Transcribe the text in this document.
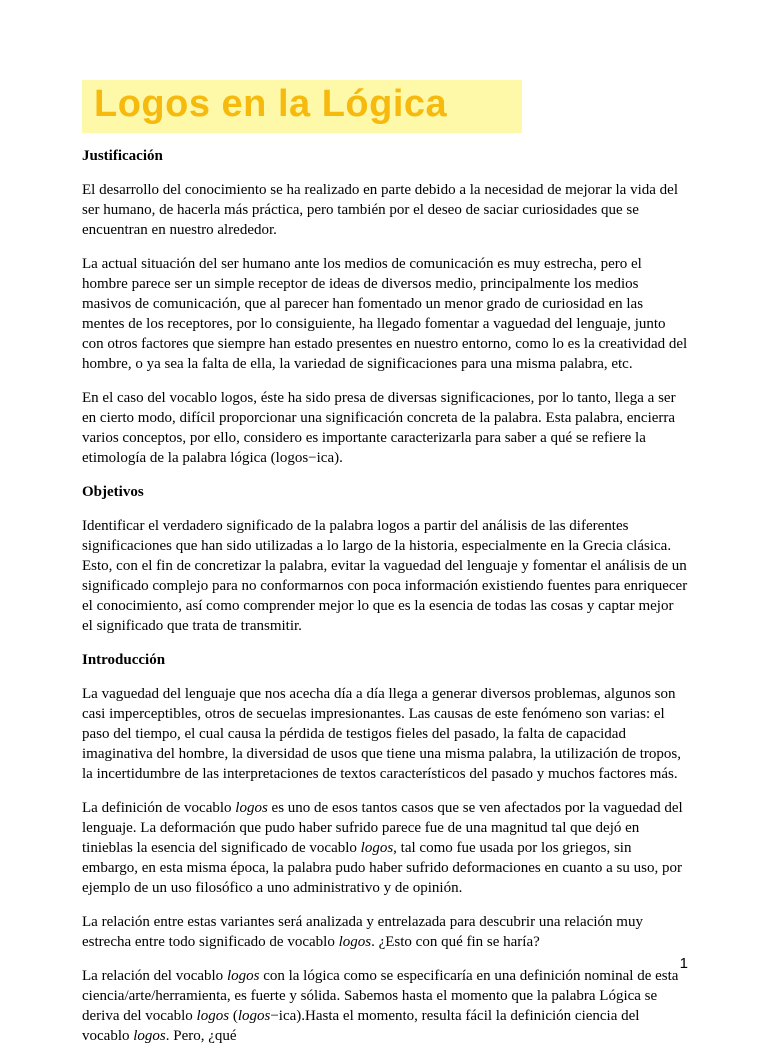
Logos en la Lógica
Justificación

El desarrollo del conocimiento se ha realizado en parte debido a la necesidad de mejorar la vida del ser humano, de hacerla más práctica, pero también por el deseo de saciar curiosidades que se encuentran en nuestro alrededor.

La actual situación del ser humano ante los medios de comunicación es muy estrecha, pero el hombre parece ser un simple receptor de ideas de diversos medio, principalmente los medios masivos de comunicación, que al parecer han fomentado un menor grado de curiosidad en las mentes de los receptores, por lo consiguiente, ha llegado fomentar a vaguedad del lenguaje, junto con otros factores que siempre han estado presentes en nuestro entorno, como lo es la creatividad del hombre, o ya sea la falta de ella, la variedad de significaciones para una misma palabra, etc.

En el caso del vocablo logos, éste ha sido presa de diversas significaciones, por lo tanto, llega a ser en cierto modo, difícil proporcionar una significación concreta de la palabra. Esta palabra, encierra varios conceptos, por ello, considero es importante caracterizarla para saber a qué se refiere la etimología de la palabra lógica (logos−ica).

Objetivos

Identificar el verdadero significado de la palabra logos a partir del análisis de las diferentes significaciones que han sido utilizadas a lo largo de la historia, especialmente en la Grecia clásica. Esto, con el fin de concretizar la palabra, evitar la vaguedad del lenguaje y fomentar el análisis de un significado complejo para no conformarnos con poca información existiendo fuentes para enriquecer el conocimiento, así como comprender mejor lo que es la esencia de todas las cosas y captar mejor el significado que trata de transmitir.

Introducción

La vaguedad del lenguaje que nos acecha día a día llega a generar diversos problemas, algunos son casi imperceptibles, otros de secuelas impresionantes. Las causas de este fenómeno son varias: el paso del tiempo, el cual causa la pérdida de testigos fieles del pasado, la falta de capacidad imaginativa del hombre, la diversidad de usos que tiene una misma palabra, la utilización de tropos, la incertidumbre de las interpretaciones de textos característicos del pasado y muchos factores más.

La definición de vocablo logos es uno de esos tantos casos que se ven afectados por la vaguedad del lenguaje. La deformación que pudo haber sufrido parece fue de una magnitud tal que dejó en tinieblas la esencia del significado de vocablo logos, tal como fue usada por los griegos, sin embargo, en esta misma época, la palabra pudo haber sufrido deformaciones en cuanto a su uso, por ejemplo de un uso filosófico a uno administrativo y de opinión.

La relación entre estas variantes será analizada y entrelazada para descubrir una relación muy estrecha entre todo significado de vocablo logos. ¿Esto con qué fin se haría?

La relación del vocablo logos con la lógica como se especificaría en una definición nominal de esta ciencia/arte/herramienta, es fuerte y sólida. Sabemos hasta el momento que la palabra Lógica se deriva del vocablo logos (logos−ica).Hasta el momento, resulta fácil la definición ciencia del vocablo logos. Pero, ¿qué

1
